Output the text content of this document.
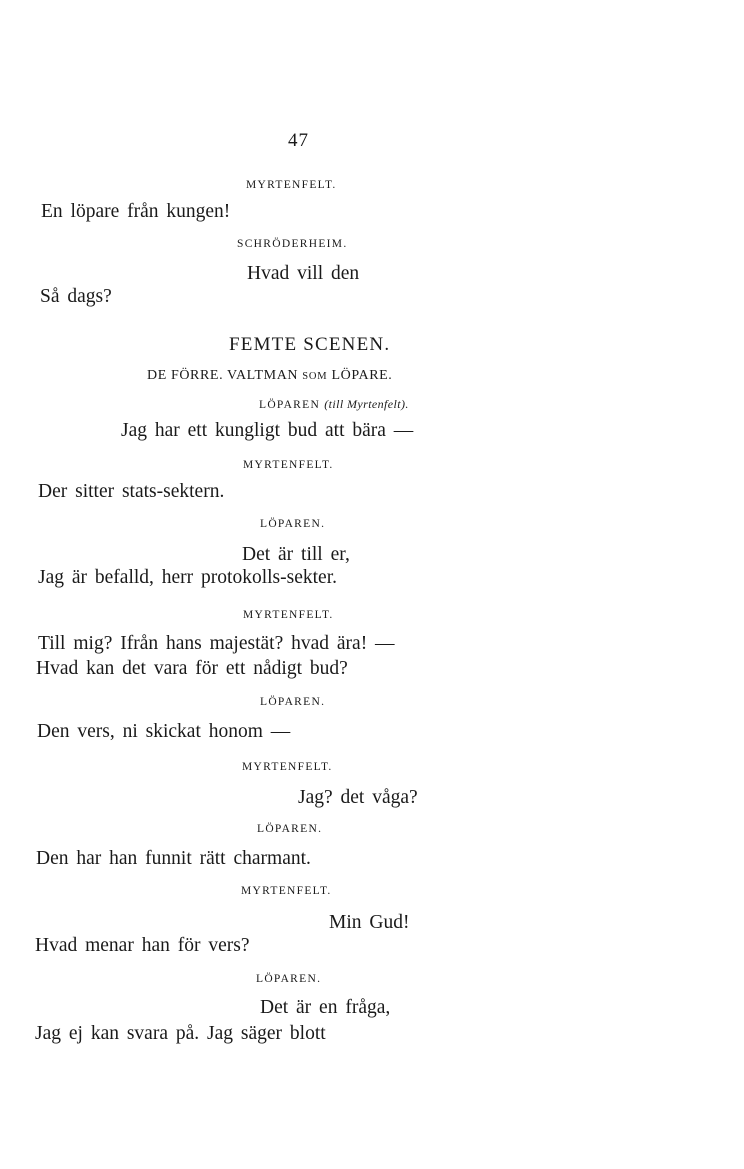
47
MYRTENFELT.
En löpare från kungen!
SCHRÖDERHEIM.
Hvad vill den
Så dags?
FEMTE SCENEN.
DE FÖRRE. VALTMAN SOM LÖPARE.
LÖPAREN (till Myrtenfelt).
Jag har ett kungligt bud att bära —
MYRTENFELT.
Der sitter stats-sektern.
LÖPAREN.
Det är till er,
Jag är befalld, herr protokolls-sekter.
MYRTENFELT.
Till mig? Ifrån hans majestät? hvad ära! —
Hvad kan det vara för ett nådigt bud?
LÖPAREN.
Den vers, ni skickat honom —
MYRTENFELT.
Jag? det våga?
LÖPAREN.
Den har han funnit rätt charmant.
MYRTENFELT.
Min Gud!
Hvad menar han för vers?
LÖPAREN.
Det är en fråga,
Jag ej kan svara på. Jag säger blott
